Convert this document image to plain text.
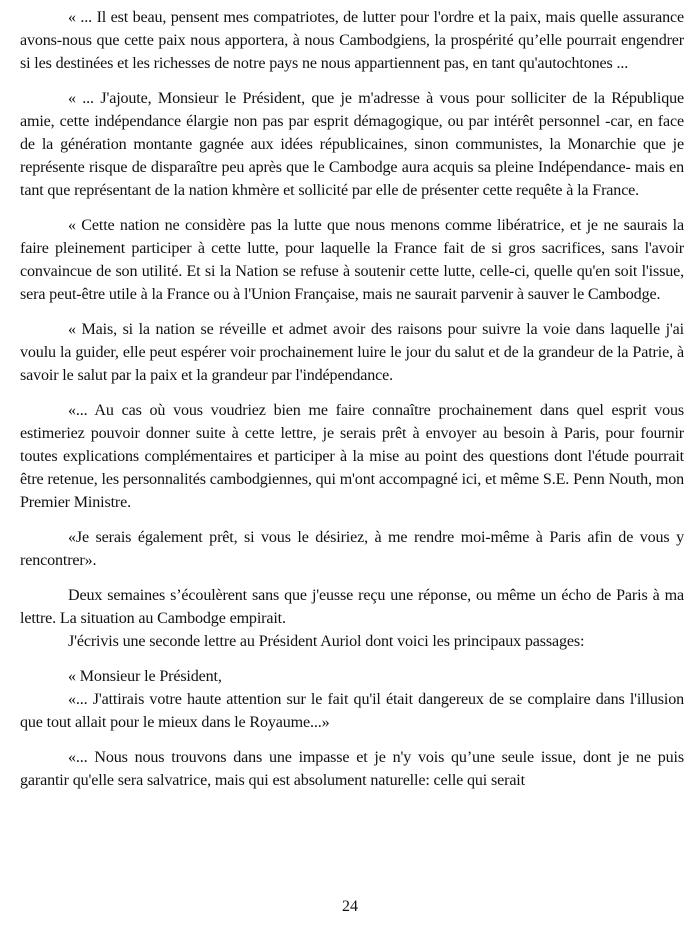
« ... Il est beau, pensent mes compatriotes, de lutter pour l'ordre et la paix, mais quelle assurance avons-nous que cette paix nous apportera, à nous Cambodgiens, la prospérité qu’elle pourrait engendrer si les destinées et les richesses de notre pays ne nous appartiennent pas, en tant qu'autochtones ...

« ... J'ajoute, Monsieur le Président, que je m'adresse à vous pour solliciter de la République amie, cette indépendance élargie non pas par esprit démagogique, ou par intérêt personnel -car, en face de la génération montante gagnée aux idées républicaines, sinon communistes, la Monarchie que je représente risque de disparaître peu après que le Cambodge aura acquis sa pleine Indépendance- mais en tant que représentant de la nation khmère et sollicité par elle de présenter cette requête à la France.

« Cette nation ne considère pas la lutte que nous menons comme libératrice, et je ne saurais la faire pleinement participer à cette lutte, pour laquelle la France fait de si gros sacrifices, sans l'avoir convaincue de son utilité. Et si la Nation se refuse à soutenir cette lutte, celle-ci, quelle qu'en soit l'issue, sera peut-être utile à la France ou à l'Union Française, mais ne saurait parvenir à sauver le Cambodge.

« Mais, si la nation se réveille et admet avoir des raisons pour suivre la voie dans laquelle j'ai voulu la guider, elle peut espérer voir prochainement luire le jour du salut et de la grandeur de la Patrie, à savoir le salut par la paix et la grandeur par l'indépendance.

«... Au cas où vous voudriez bien me faire connaître prochainement dans quel esprit vous estimeriez pouvoir donner suite à cette lettre, je serais prêt à envoyer au besoin à Paris, pour fournir toutes explications complémentaires et participer à la mise au point des questions dont l'étude pourrait être retenue, les personnalités cambodgiennes, qui m'ont accompagné ici, et même S.E. Penn Nouth, mon Premier Ministre.

«Je serais également prêt, si vous le désiriez, à me rendre moi-même à Paris afin de vous y rencontrer».

Deux semaines s’écoulèrent sans que j'eusse reçu une réponse, ou même un écho de Paris à ma lettre. La situation au Cambodge empirait.

J'écrivis une seconde lettre au Président Auriol dont voici les principaux passages:

« Monsieur le Président,

«... J'attirais votre haute attention sur le fait qu'il était dangereux de se complaire dans l'illusion que tout allait pour le mieux dans le Royaume...»

«... Nous nous trouvons dans une impasse et je n'y vois qu’une seule issue, dont je ne puis garantir qu'elle sera salvatrice, mais qui est absolument naturelle: celle qui serait

24
